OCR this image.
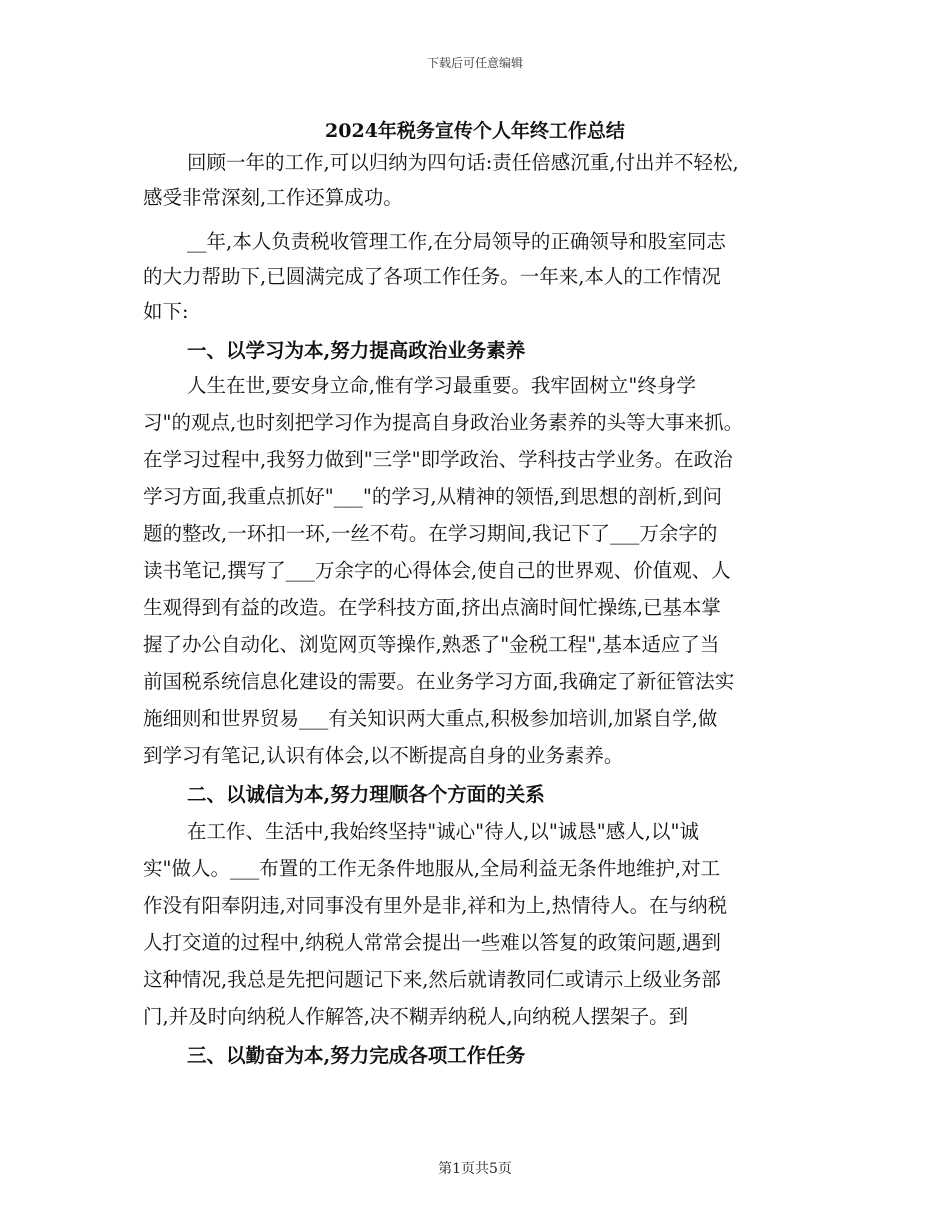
下载后可任意编辑
2024年税务宣传个人年终工作总结
回顾一年的工作,可以归纳为四句话:责任倍感沉重,付出并不轻松,
感受非常深刻,工作还算成功。
__年,本人负责税收管理工作,在分局领导的正确领导和股室同志
的大力帮助下,已圆满完成了各项工作任务。一年来,本人的工作情况
如下:
一、以学习为本,努力提高政治业务素养
人生在世,要安身立命,惟有学习最重要。我牢固树立"终身学
习"的观点,也时刻把学习作为提高自身政治业务素养的头等大事来抓。
在学习过程中,我努力做到"三学"即学政治、学科技古学业务。在政治
学习方面,我重点抓好"___"的学习,从精神的领悟,到思想的剖析,到问
题的整改,一环扣一环,一丝不苟。在学习期间,我记下了___万余字的
读书笔记,撰写了___万余字的心得体会,使自己的世界观、价值观、人
生观得到有益的改造。在学科技方面,挤出点滴时间忙操练,已基本掌
握了办公自动化、浏览网页等操作,熟悉了"金税工程",基本适应了当
前国税系统信息化建设的需要。在业务学习方面,我确定了新征管法实
施细则和世界贸易___有关知识两大重点,积极参加培训,加紧自学,做
到学习有笔记,认识有体会,以不断提高自身的业务素养。
二、以诚信为本,努力理顺各个方面的关系
在工作、生活中,我始终坚持"诚心"待人,以"诚恳"感人,以"诚
实"做人。___布置的工作无条件地服从,全局利益无条件地维护,对工
作没有阳奉阴违,对同事没有里外是非,祥和为上,热情待人。在与纳税
人打交道的过程中,纳税人常常会提出一些难以答复的政策问题,遇到
这种情况,我总是先把问题记下来,然后就请教同仁或请示上级业务部
门,并及时向纳税人作解答,决不糊弄纳税人,向纳税人摆架子。到
三、以勤奋为本,努力完成各项工作任务
第1页共5页
